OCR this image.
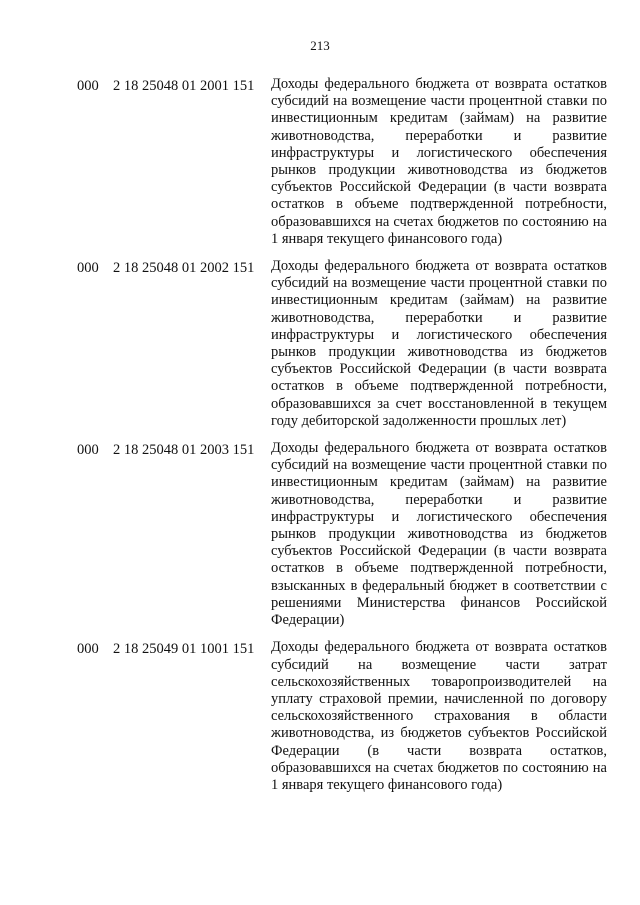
213
000 2 18 25048 01 2001 151 Доходы федерального бюджета от возврата остатков субсидий на возмещение части процентной ставки по инвестиционным кредитам (займам) на развитие животноводства, переработки и развитие инфраструктуры и логистического обеспечения рынков продукции животноводства из бюджетов субъектов Российской Федерации (в части возврата остатков в объеме подтвержденной потребности, образовавшихся на счетах бюджетов по состоянию на 1 января текущего финансового года)
000 2 18 25048 01 2002 151 Доходы федерального бюджета от возврата остатков субсидий на возмещение части процентной ставки по инвестиционным кредитам (займам) на развитие животноводства, переработки и развитие инфраструктуры и логистического обеспечения рынков продукции животноводства из бюджетов субъектов Российской Федерации (в части возврата остатков в объеме подтвержденной потребности, образовавшихся за счет восстановленной в текущем году дебиторской задолженности прошлых лет)
000 2 18 25048 01 2003 151 Доходы федерального бюджета от возврата остатков субсидий на возмещение части процентной ставки по инвестиционным кредитам (займам) на развитие животноводства, переработки и развитие инфраструктуры и логистического обеспечения рынков продукции животноводства из бюджетов субъектов Российской Федерации (в части возврата остатков в объеме подтвержденной потребности, взысканных в федеральный бюджет в соответствии с решениями Министерства финансов Российской Федерации)
000 2 18 25049 01 1001 151 Доходы федерального бюджета от возврата остатков субсидий на возмещение части затрат сельскохозяйственных товаропроизводителей на уплату страховой премии, начисленной по договору сельскохозяйственного страхования в области животноводства, из бюджетов субъектов Российской Федерации (в части возврата остатков, образовавшихся на счетах бюджетов по состоянию на 1 января текущего финансового года)
